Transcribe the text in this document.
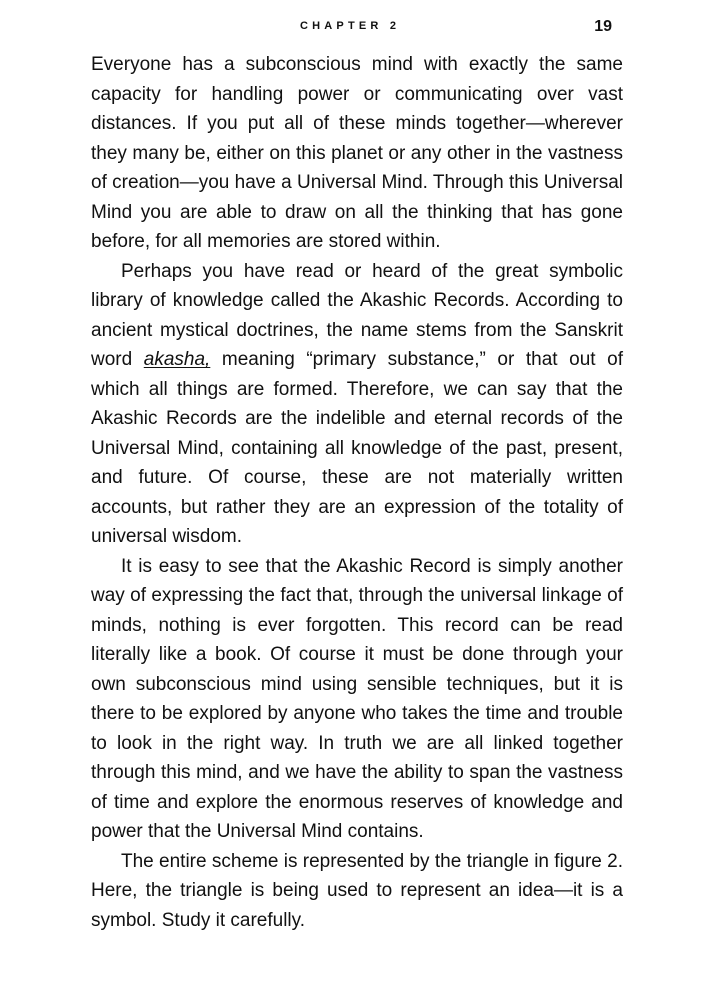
CHAPTER 2	19

Everyone has a subconscious mind with exactly the same capacity for handling power or communicating over vast distances. If you put all of these minds together—wherever they many be, either on this planet or any other in the vastness of creation—you have a Universal Mind. Through this Universal Mind you are able to draw on all the thinking that has gone before, for all memories are stored within.

Perhaps you have read or heard of the great symbolic library of knowledge called the Akashic Records. According to ancient mystical doctrines, the name stems from the Sanskrit word akasha, meaning “primary substance,” or that out of which all things are formed. Therefore, we can say that the Akashic Records are the indelible and eternal records of the Universal Mind, containing all knowledge of the past, present, and future. Of course, these are not materially written accounts, but rather they are an expression of the totality of universal wisdom.

It is easy to see that the Akashic Record is simply another way of expressing the fact that, through the universal linkage of minds, nothing is ever forgotten. This record can be read literally like a book. Of course it must be done through your own subconscious mind using sensible techniques, but it is there to be explored by anyone who takes the time and trouble to look in the right way. In truth we are all linked together through this mind, and we have the ability to span the vastness of time and explore the enormous reserves of knowledge and power that the Universal Mind contains.

The entire scheme is represented by the triangle in figure 2. Here, the triangle is being used to represent an idea—it is a symbol. Study it carefully.
